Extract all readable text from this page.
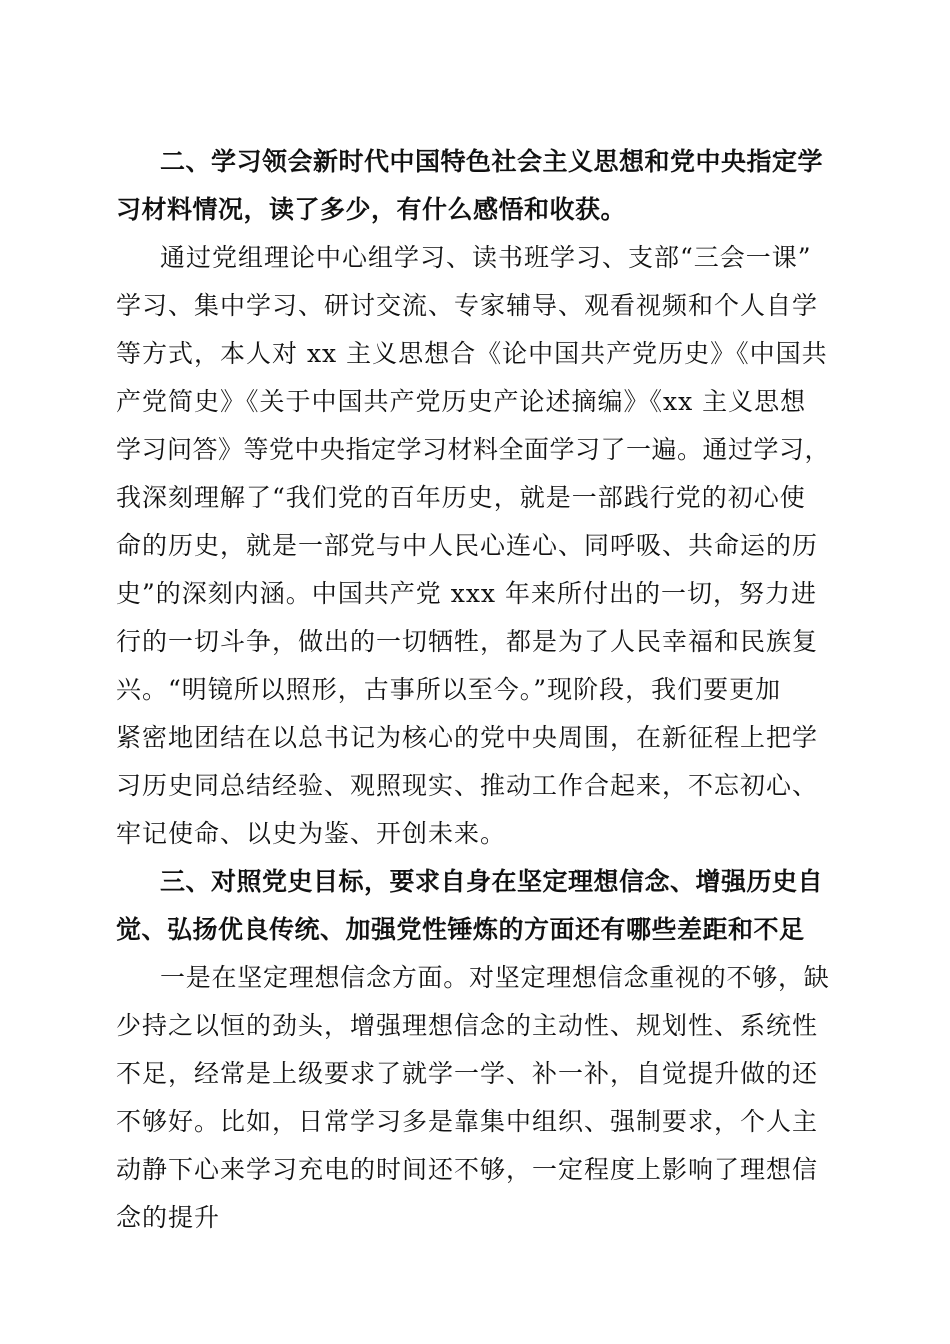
二、学习领会新时代中国特色社会主义思想和党中央指定学
习材料情况，读了多少，有什么感悟和收获。
通过党组理论中心组学习、读书班学习、支部“三会一课”
学习、集中学习、研讨交流、专家辅导、观看视频和个人自学
等方式，本人对 xx 主义思想合《论中国共产党历史》《中国共
产党简史》《关于中国共产党历史产论述摘编》《xx 主义思想
学习问答》等党中央指定学习材料全面学习了一遍。通过学习，
我深刻理解了“我们党的百年历史，就是一部践行党的初心使
命的历史，就是一部党与中人民心连心、同呼吸、共命运的历
史”的深刻内涵。中国共产党 xxx 年来所付出的一切，努力进
行的一切斗争，做出的一切牺牲，都是为了人民幸福和民族复
兴。“明镜所以照形，古事所以至今。”现阶段，我们要更加
紧密地团结在以总书记为核心的党中央周围，在新征程上把学
习历史同总结经验、观照现实、推动工作合起来，不忘初心、
牢记使命、以史为鉴、开创未来。
三、对照党史目标，要求自身在坚定理想信念、增强历史自
觉、弘扬优良传统、加强党性锤炼的方面还有哪些差距和不足
一是在坚定理想信念方面。对坚定理想信念重视的不够，缺
少持之以恒的劲头，增强理想信念的主动性、规划性、系统性
不足，经常是上级要求了就学一学、补一补，自觉提升做的还
不够好。比如，日常学习多是靠集中组织、强制要求，个人主
动静下心来学习充电的时间还不够，一定程度上影响了理想信
念的提升
